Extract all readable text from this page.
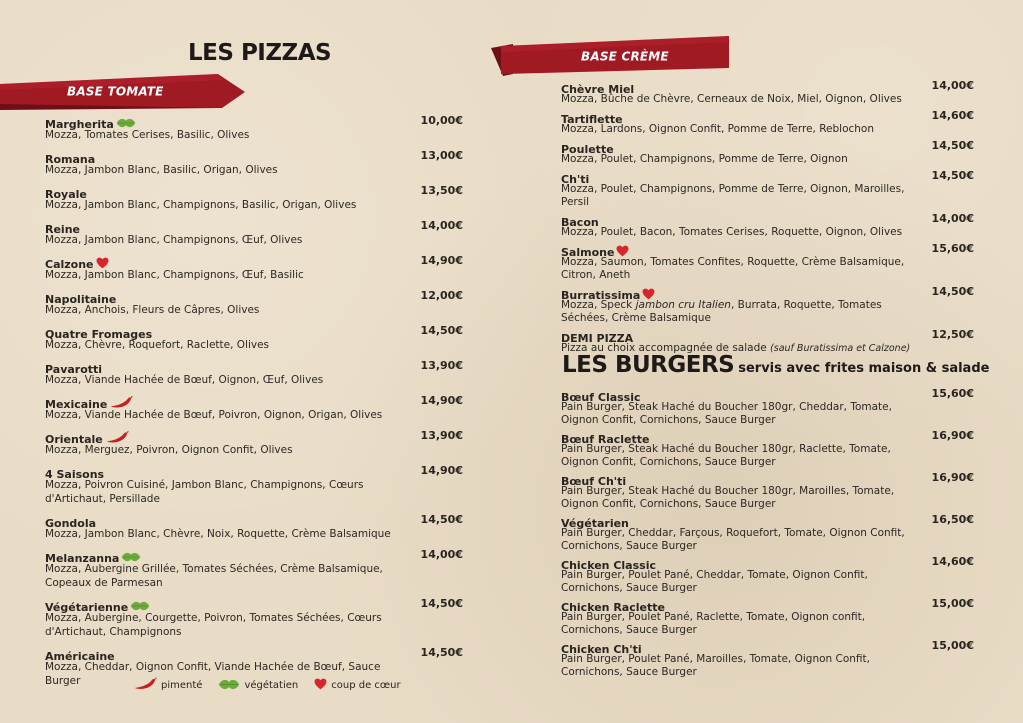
LES PIZZAS
BASE TOMATE
BASE CRÈME
Margherita	10,00€
Mozza, Tomates Cerises, Basilic, Olives
Romana	13,00€
Mozza, Jambon Blanc, Basilic, Origan, Olives
Royale	13,50€
Mozza, Jambon Blanc, Champignons, Basilic, Origan, Olives
Reine	14,00€
Mozza, Jambon Blanc, Champignons, Œuf, Olives
Calzone	14,90€
Mozza, Jambon Blanc, Champignons, Œuf, Basilic
Napolitaine	12,00€
Mozza, Anchois, Fleurs de Câpres, Olives
Quatre Fromages	14,50€
Mozza, Chèvre, Roquefort, Raclette, Olives
Pavarotti	13,90€
Mozza, Viande Hachée de Bœuf, Oignon, Œuf, Olives
Mexicaine	14,90€
Mozza, Viande Hachée de Bœuf, Poivron, Oignon, Origan, Olives
Orientale	13,90€
Mozza, Merguez, Poivron, Oignon Confit, Olives
4 Saisons	14,90€
Mozza, Poivron Cuisiné, Jambon Blanc, Champignons, Cœurs d'Artichaut, Persillade
Gondola	14,50€
Mozza, Jambon Blanc, Chèvre, Noix, Roquette, Crème Balsamique
Melanzanna	14,00€
Mozza, Aubergine Grillée, Tomates Séchées, Crème Balsamique, Copeaux de Parmesan
Végétarienne	14,50€
Mozza, Aubergine, Courgette, Poivron, Tomates Séchées, Cœurs d'Artichaut, Champignons
Américaine	14,50€
Mozza, Cheddar, Oignon Confit, Viande Hachée de Bœuf, Sauce Burger
Chèvre Miel	14,00€
Mozza, Bûche de Chèvre, Cerneaux de Noix, Miel, Oignon, Olives
Tartiflette	14,60€
Mozza, Lardons, Oignon Confit, Pomme de Terre, Reblochon
Poulette	14,50€
Mozza, Poulet, Champignons, Pomme de Terre, Oignon
Ch'ti	14,50€
Mozza, Poulet, Champignons, Pomme de Terre, Oignon, Maroilles, Persil
Bacon	14,00€
Mozza, Poulet, Bacon, Tomates Cerises, Roquette, Oignon, Olives
Salmone	15,60€
Mozza, Saumon, Tomates Confites, Roquette, Crème Balsamique, Citron, Aneth
Burratissima	14,50€
Mozza, Speck jambon cru Italien, Burrata, Roquette, Tomates Séchées, Crème Balsamique
DEMI PIZZA	12,50€
Pizza au choix accompagnée de salade (sauf Buratissima et Calzone)
LES BURGERS servis avec frites maison & salade
Bœuf Classic	15,60€
Pain Burger, Steak Haché du Boucher 180gr, Cheddar, Tomate, Oignon Confit, Cornichons, Sauce Burger
Bœuf Raclette	16,90€
Pain Burger, Steak Haché du Boucher 180gr, Raclette, Tomate, Oignon Confit, Cornichons, Sauce Burger
Bœuf Ch'ti	16,90€
Pain Burger, Steak Haché du Boucher 180gr, Maroilles, Tomate, Oignon Confit, Cornichons, Sauce Burger
Végétarien	16,50€
Pain Burger, Cheddar, Farçous, Roquefort, Tomate, Oignon Confit, Cornichons, Sauce Burger
Chicken Classic	14,60€
Pain Burger, Poulet Pané, Cheddar, Tomate, Oignon Confit, Cornichons, Sauce Burger
Chicken Raclette	15,00€
Pain Burger, Poulet Pané, Raclette, Tomate, Oignon confit, Cornichons, Sauce Burger
Chicken Ch'ti	15,00€
Pain Burger, Poulet Pané, Maroilles, Tomate, Oignon Confit, Cornichons, Sauce Burger
pimenté	végétatien	coup de cœur
